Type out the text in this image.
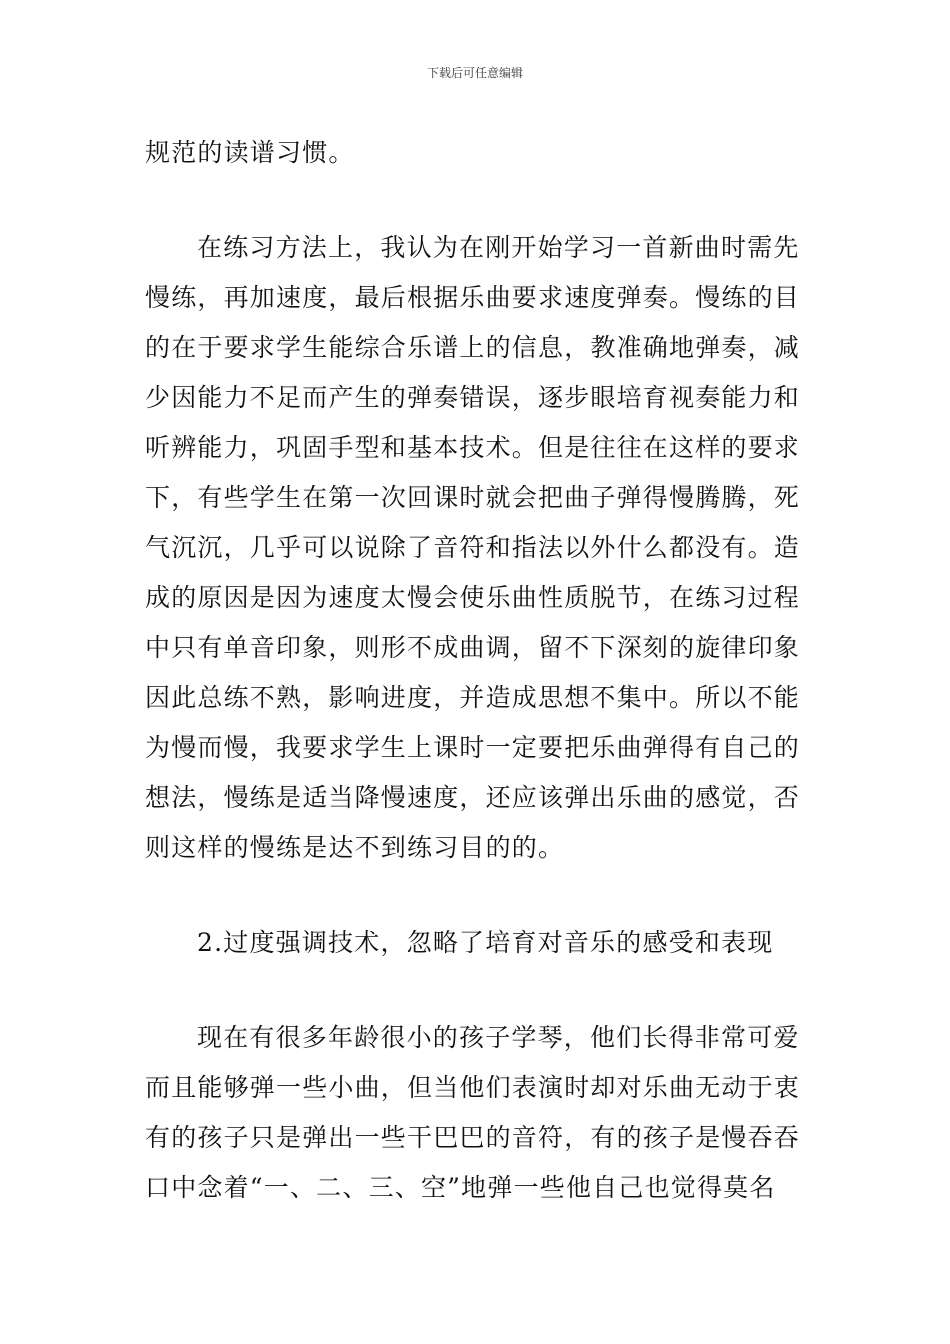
下载后可任意编辑
规范的读谱习惯。
在练习方法上，我认为在刚开始学习一首新曲时需先
慢练，再加速度，最后根据乐曲要求速度弹奏。慢练的目
的在于要求学生能综合乐谱上的信息，教准确地弹奏，减
少因能力不足而产生的弹奏错误，逐步眼培育视奏能力和
听辨能力，巩固手型和基本技术。但是往往在这样的要求
下，有些学生在第一次回课时就会把曲子弹得慢腾腾，死
气沉沉，几乎可以说除了音符和指法以外什么都没有。造
成的原因是因为速度太慢会使乐曲性质脱节，在练习过程
中只有单音印象，则形不成曲调，留不下深刻的旋律印象
因此总练不熟，影响进度，并造成思想不集中。所以不能
为慢而慢，我要求学生上课时一定要把乐曲弹得有自己的
想法，慢练是适当降慢速度，还应该弹出乐曲的感觉，否
则这样的慢练是达不到练习目的的。
2.过度强调技术，忽略了培育对音乐的感受和表现
现在有很多年龄很小的孩子学琴，他们长得非常可爱
而且能够弹一些小曲，但当他们表演时却对乐曲无动于衷
有的孩子只是弹出一些干巴巴的音符，有的孩子是慢吞吞
口中念着“一、二、三、空”地弹一些他自己也觉得莫名
